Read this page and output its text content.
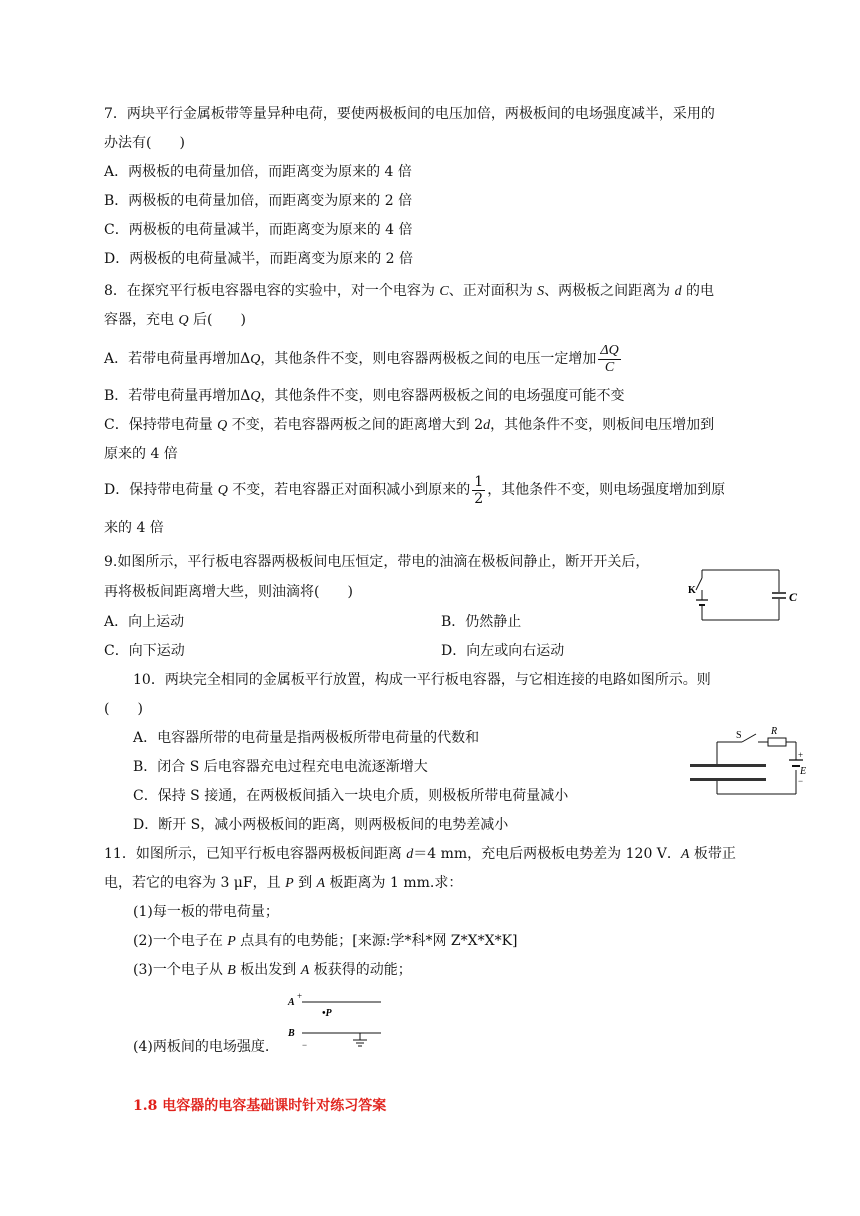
7．两块平行金属板带等量异种电荷，要使两极板间的电压加倍，两极板间的电场强度减半，采用的
办法有(　　)
A．两极板的电荷量加倍，而距离变为原来的 4 倍
B．两极板的电荷量加倍，而距离变为原来的 2 倍
C．两极板的电荷量减半，而距离变为原来的 4 倍
D．两极板的电荷量减半，而距离变为原来的 2 倍
8．在探究平行板电容器电容的实验中，对一个电容为 C、正对面积为 S、两极板之间距离为 d 的电
容器，充电 Q 后(　　)
A．若带电荷量再增加ΔQ，其他条件不变，则电容器两极板之间的电压一定增加 $\frac{\Delta Q}{C}$
B．若带电荷量再增加ΔQ，其他条件不变，则电容器两极板之间的电场强度可能不变
C．保持带电荷量 Q 不变，若电容器两板之间的距离增大到 2d，其他条件不变，则板间电压增加到
原来的 4 倍
D．保持带电荷量 Q 不变，若电容器正对面积减小到原来的 $\frac{1}{2}$ ，其他条件不变，则电场强度增加到原
来的 4 倍
9.如图所示，平行板电容器两极板间电压恒定，带电的油滴在极板间静止，断开开关后，
再将极板间距离增大些，则油滴将(　　)
A．向上运动	B．仍然静止
C．向下运动	D．向左或向右运动
K	C
10．两块完全相同的金属板平行放置，构成一平行板电容器，与它相连接的电路如图所示。则
(　　)
A．电容器所带的电荷量是指两极板所带电荷量的代数和
B．闭合 S 后电容器充电过程充电电流逐渐增大
C．保持 S 接通，在两极板间插入一块电介质，则极板所带电荷量减小
D．断开 S，减小两极板间的距离，则两极板间的电势差减小
S	R
+
E
−
11．如图所示，已知平行板电容器两极板间距离 d＝4 mm，充电后两极板电势差为 120 V．A 板带正
电，若它的电容为 3 μF，且 P 到 A 板距离为 1 mm.求：
(1)每一板的带电荷量；
(2)一个电子在 P 点具有的电势能；[来源:学*科*网 Z*X*X*K]
(3)一个电子从 B 板出发到 A 板获得的动能；
(4)两板间的电场强度.
A
+
•P
B
−
1.8 电容器的电容基础课时针对练习答案
